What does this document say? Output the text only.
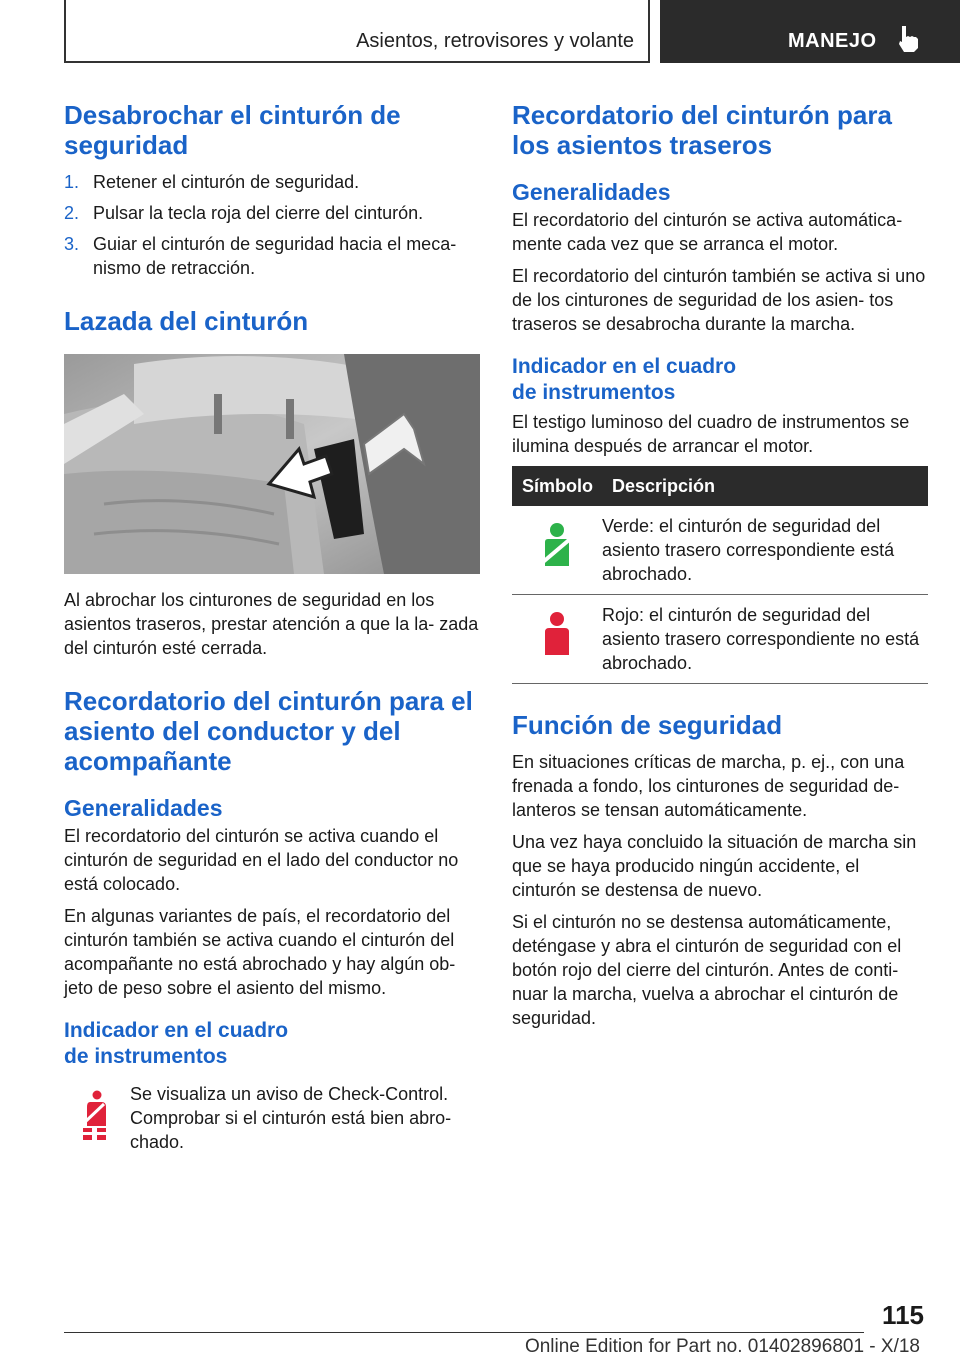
Asientos, retrovisores y volante	MANEJO
Desabrochar el cinturón de seguridad
1. Retener el cinturón de seguridad.
2. Pulsar la tecla roja del cierre del cinturón.
3. Guiar el cinturón de seguridad hacia el meca- nismo de retracción.
Lazada del cinturón

Al abrochar los cinturones de seguridad en los asientos traseros, prestar atención a que la la- zada del cinturón esté cerrada.

Recordatorio del cinturón para el asiento del conductor y del acompañante
Generalidades

El recordatorio del cinturón se activa cuando el cinturón de seguridad en el lado del conductor no está colocado.

En algunas variantes de país, el recordatorio del cinturón también se activa cuando el cinturón del acompañante no está abrochado y hay algún ob- jeto de peso sobre el asiento del mismo.

Indicador en el cuadro
de instrumentos

Se visualiza un aviso de Check-Control. Comprobar si el cinturón está bien abro- chado.

Recordatorio del cinturón para los asientos traseros
Generalidades

El recordatorio del cinturón se activa automática- mente cada vez que se arranca el motor.

El recordatorio del cinturón también se activa si uno de los cinturones de seguridad de los asien- tos traseros se desabrocha durante la marcha.

Indicador en el cuadro
de instrumentos

El testigo luminoso del cuadro de instrumentos se ilumina después de arrancar el motor.

Símbolo	Descripción
	Verde: el cinturón de seguridad del asiento trasero correspondiente está abrochado.
	Rojo: el cinturón de seguridad del asiento trasero correspondiente no está abrochado.
Función de seguridad

En situaciones críticas de marcha, p. ej., con una frenada a fondo, los cinturones de seguridad de- lanteros se tensan automáticamente.

Una vez haya concluido la situación de marcha sin que se haya producido ningún accidente, el cinturón se destensa de nuevo.

Si el cinturón no se destensa automáticamente, deténgase y abra el cinturón de seguridad con el botón rojo del cierre del cinturón. Antes de conti- nuar la marcha, vuelva a abrochar el cinturón de seguridad.

115
Online Edition for Part no. 01402896801 - X/18
